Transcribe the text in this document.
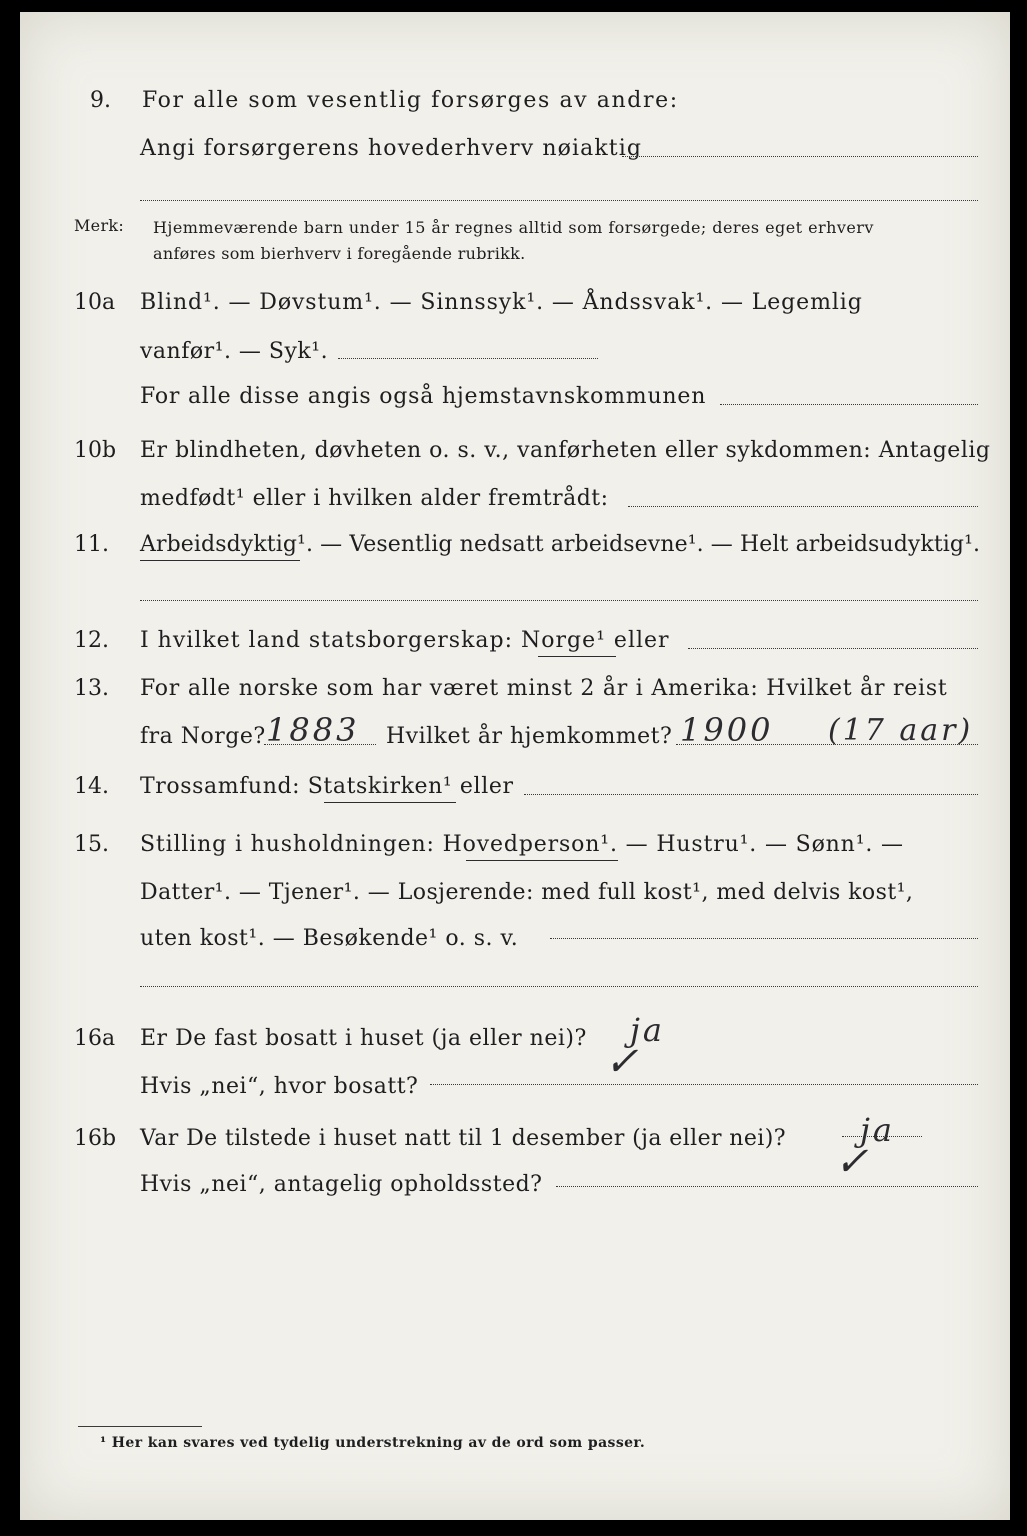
9. For alle som vesentlig forsørges av andre:
Angi forsørgerens hovederhverv nøiaktig
Merk: Hjemmeværende barn under 15 år regnes alltid som forsørgede; deres eget erhverv
anføres som bierhverv i foregående rubrikk.
10a Blind¹. — Døvstum¹. — Sinnssyk¹. — Åndssvak¹. — Legemlig
vanfør¹. — Syk¹.
For alle disse angis også hjemstavnskommunen
10b Er blindheten, døvheten o. s. v., vanførheten eller sykdommen: Antagelig
medfødt¹ eller i hvilken alder fremtrådt:
11. Arbeidsdyktig¹. — Vesentlig nedsatt arbeidsevne¹. — Helt arbeidsudyktig¹.
12. I hvilket land statsborgerskap: Norge¹ eller
13. For alle norske som har været minst 2 år i Amerika: Hvilket år reist
fra Norge? 1883 Hvilket år hjemkommet? 1900 (17 aar)
14. Trossamfund: Statskirken¹ eller
15. Stilling i husholdningen: Hovedperson¹. — Hustru¹. — Sønn¹. —
Datter¹. — Tjener¹. — Losjerende: med full kost¹, med delvis kost¹,
uten kost¹. — Besøkende¹ o. s. v.
16a Er De fast bosatt i huset (ja eller nei)? ja
✓
Hvis „nei“, hvor bosatt?
16b Var De tilstede i huset natt til 1 desember (ja eller nei)? ja
✓
Hvis „nei“, antagelig opholdssted?
¹ Her kan svares ved tydelig understrekning av de ord som passer.
